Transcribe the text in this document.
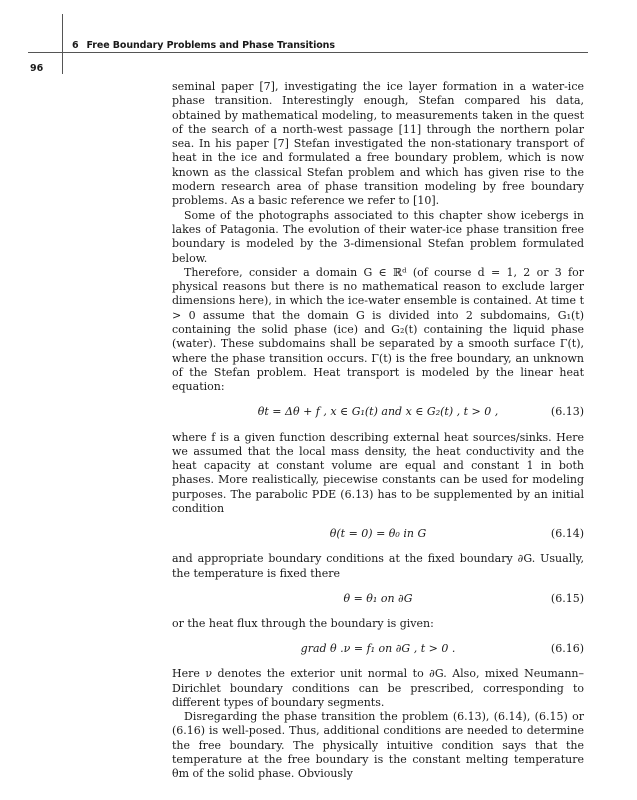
6 Free Boundary Problems and Phase Transitions
96

seminal paper [7], investigating the ice layer formation in a water-ice phase transition. Interestingly enough, Stefan compared his data, obtained by mathematical modeling, to measurements taken in the quest of the search of a north-west passage [11] through the northern polar sea. In his paper [7] Stefan investigated the non-stationary transport of heat in the ice and formulated a free boundary problem, which is now known as the classical Stefan problem and which has given rise to the modern research area of phase transition modeling by free boundary problems. As a basic reference we refer to [10].

Some of the photographs associated to this chapter show icebergs in lakes of Patagonia. The evolution of their water-ice phase transition free boundary is modeled by the 3-dimensional Stefan problem formulated below.

Therefore, consider a domain G ∈ ℝᵈ (of course d = 1, 2 or 3 for physical reasons but there is no mathematical reason to exclude larger dimensions here), in which the ice-water ensemble is contained. At time t > 0 assume that the domain G is divided into 2 subdomains, G₁(t) containing the solid phase (ice) and G₂(t) containing the liquid phase (water). These subdomains shall be separated by a smooth surface Γ(t), where the phase transition occurs. Γ(t) is the free boundary, an unknown of the Stefan problem. Heat transport is modeled by the linear heat equation:

θt = Δθ + f , x ∈ G₁(t) and x ∈ G₂(t) , t > 0 ,	(6.13)

where f is a given function describing external heat sources/sinks. Here we assumed that the local mass density, the heat conductivity and the heat capacity at constant volume are equal and constant 1 in both phases. More realistically, piecewise constants can be used for modeling purposes. The parabolic PDE (6.13) has to be supplemented by an initial condition

θ(t = 0) = θ₀ in G	(6.14)

and appropriate boundary conditions at the fixed boundary ∂G. Usually, the temperature is fixed there

θ = θ₁ on ∂G	(6.15)

or the heat flux through the boundary is given:

grad θ .ν = f₁ on ∂G , t > 0 .	(6.16)

Here ν denotes the exterior unit normal to ∂G. Also, mixed Neumann–Dirichlet boundary conditions can be prescribed, corresponding to different types of boundary segments.

Disregarding the phase transition the problem (6.13), (6.14), (6.15) or (6.16) is well-posed. Thus, additional conditions are needed to determine the free boundary. The physically intuitive condition says that the temperature at the free boundary is the constant melting temperature θm of the solid phase. Obviously
